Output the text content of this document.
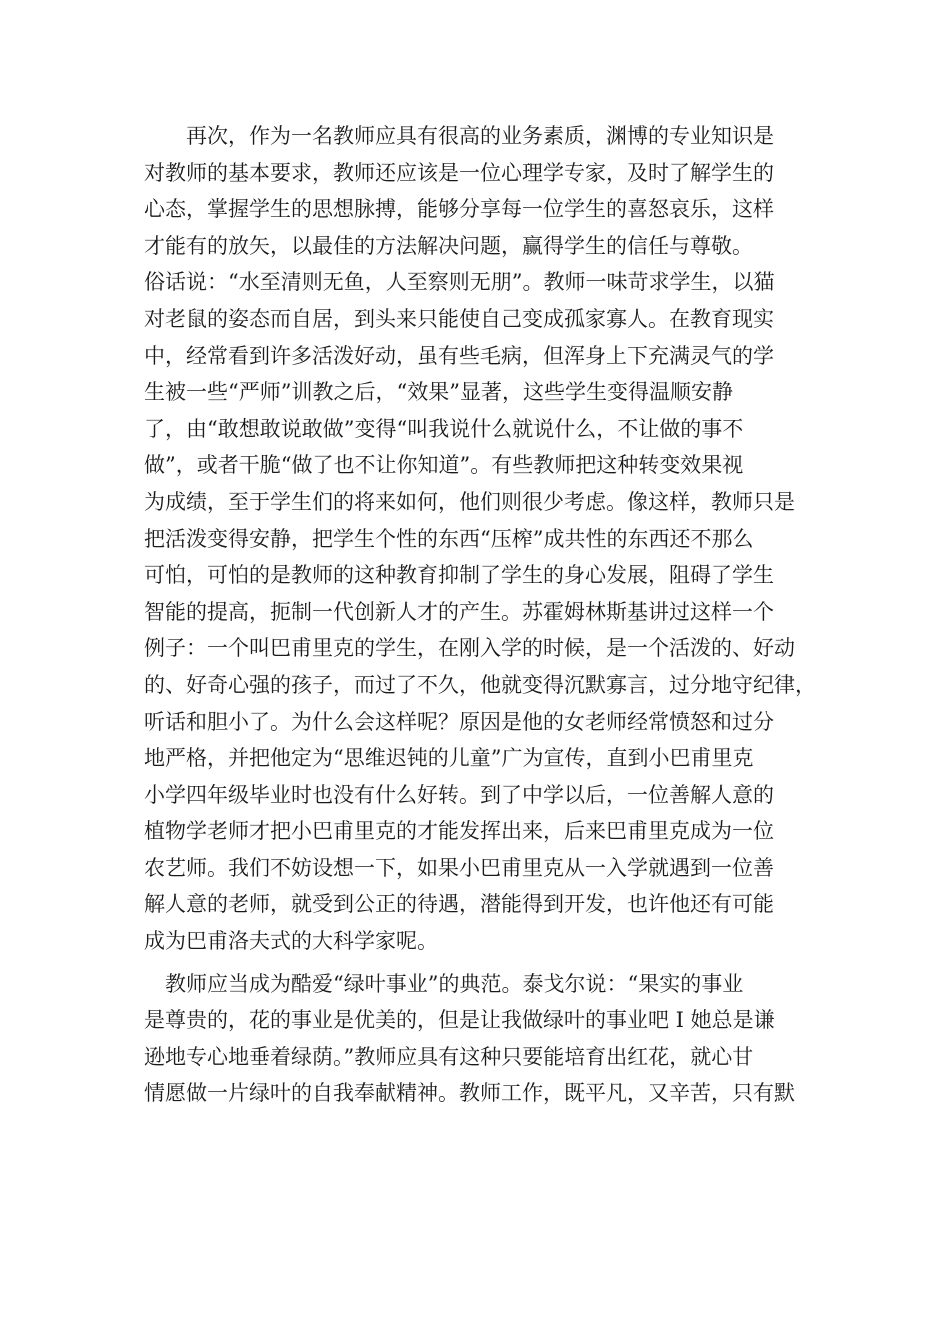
再次，作为一名教师应具有很高的业务素质，渊博的专业知识是
对教师的基本要求，教师还应该是一位心理学专家，及时了解学生的
心态，掌握学生的思想脉搏，能够分享每一位学生的喜怒哀乐，这样
才能有的放矢，以最佳的方法解决问题，赢得学生的信任与尊敬。
俗话说：“水至清则无鱼，人至察则无朋”。教师一味苛求学生，以猫
对老鼠的姿态而自居，到头来只能使自己变成孤家寡人。在教育现实
中，经常看到许多活泼好动，虽有些毛病，但浑身上下充满灵气的学
生被一些“严师”训教之后，“效果”显著，这些学生变得温顺安静
了，由“敢想敢说敢做”变得“叫我说什么就说什么，不让做的事不
做”，或者干脆“做了也不让你知道”。有些教师把这种转变效果视
为成绩，至于学生们的将来如何，他们则很少考虑。像这样，教师只是
把活泼变得安静，把学生个性的东西“压榨”成共性的东西还不那么
可怕，可怕的是教师的这种教育抑制了学生的身心发展，阻碍了学生
智能的提高，扼制一代创新人才的产生。苏霍姆林斯基讲过这样一个
例子：一个叫巴甫里克的学生，在刚入学的时候，是一个活泼的、好动
的、好奇心强的孩子，而过了不久，他就变得沉默寡言，过分地守纪律，
听话和胆小了。为什么会这样呢？原因是他的女老师经常愤怒和过分
地严格，并把他定为“思维迟钝的儿童”广为宣传，直到小巴甫里克
小学四年级毕业时也没有什么好转。到了中学以后，一位善解人意的
植物学老师才把小巴甫里克的才能发挥出来，后来巴甫里克成为一位
农艺师。我们不妨设想一下，如果小巴甫里克从一入学就遇到一位善
解人意的老师，就受到公正的待遇，潜能得到开发，也许他还有可能
成为巴甫洛夫式的大科学家呢。
教师应当成为酷爱“绿叶事业”的典范。泰戈尔说：“果实的事业
是尊贵的，花的事业是优美的，但是让我做绿叶的事业吧 I 她总是谦
逊地专心地垂着绿荫。”教师应具有这种只要能培育出红花，就心甘
情愿做一片绿叶的自我奉献精神。教师工作，既平凡，又辛苦，只有默
